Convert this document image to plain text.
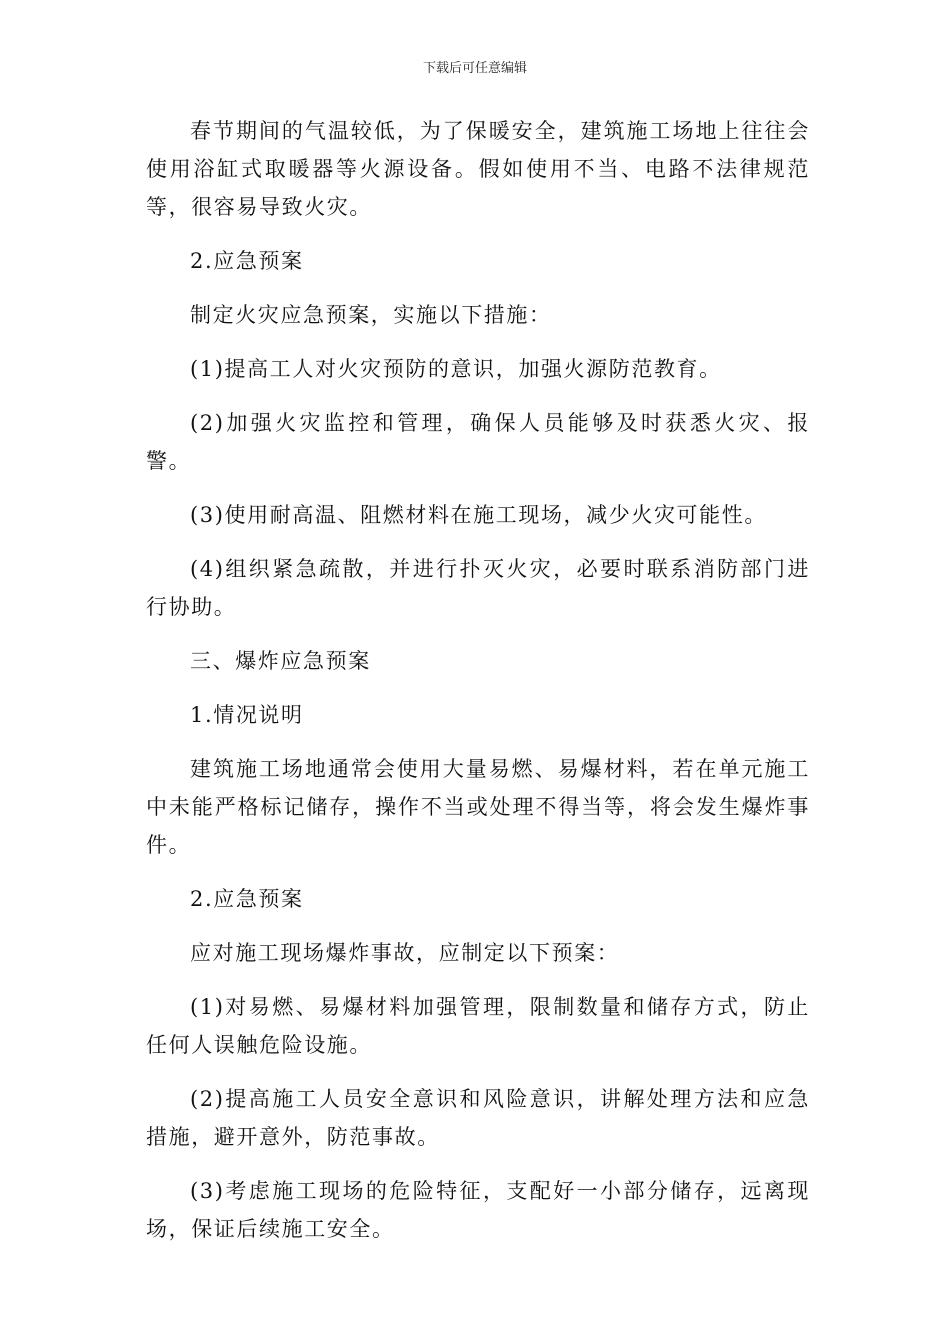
下载后可任意编辑

春节期间的气温较低，为了保暖安全，建筑施工场地上往往会使用浴缸式取暖器等火源设备。假如使用不当、电路不法律规范等，很容易导致火灾。

2.应急预案

制定火灾应急预案，实施以下措施：

(1)提高工人对火灾预防的意识，加强火源防范教育。

(2)加强火灾监控和管理，确保人员能够及时获悉火灾、报警。

(3)使用耐高温、阻燃材料在施工现场，减少火灾可能性。

(4)组织紧急疏散，并进行扑灭火灾，必要时联系消防部门进行协助。

三、爆炸应急预案

1.情况说明

建筑施工场地通常会使用大量易燃、易爆材料，若在单元施工中未能严格标记储存，操作不当或处理不得当等，将会发生爆炸事件。

2.应急预案

应对施工现场爆炸事故，应制定以下预案：

(1)对易燃、易爆材料加强管理，限制数量和储存方式，防止任何人误触危险设施。

(2)提高施工人员安全意识和风险意识，讲解处理方法和应急措施，避开意外，防范事故。

(3)考虑施工现场的危险特征，支配好一小部分储存，远离现场，保证后续施工安全。
